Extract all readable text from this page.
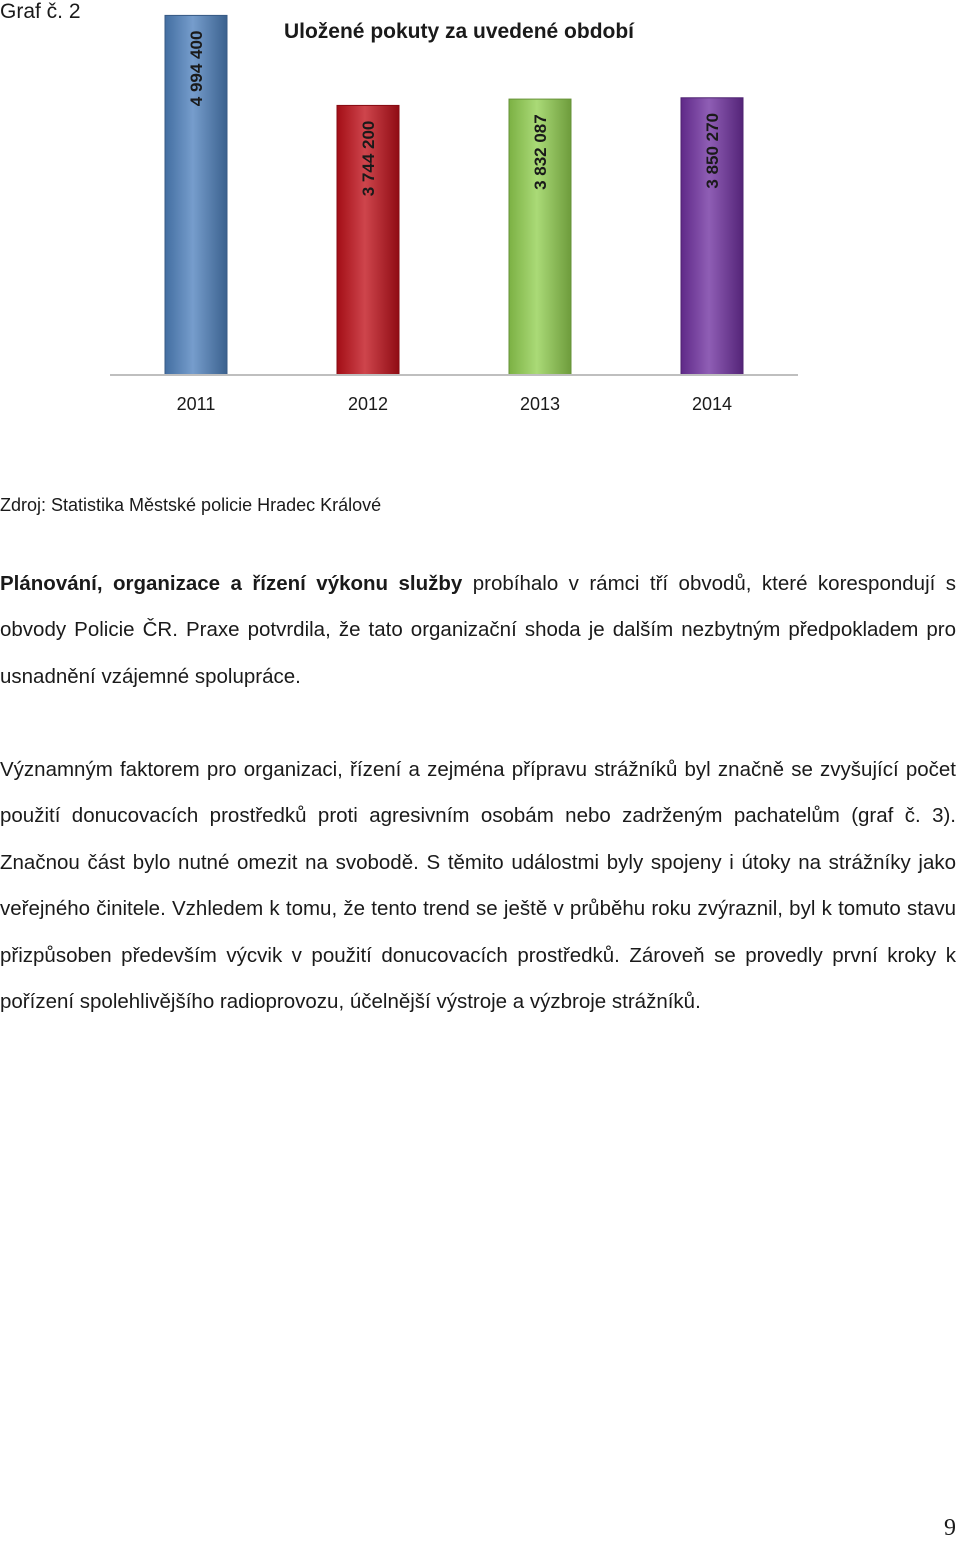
Graf č. 2
Uložené pokuty za uvedené období
4 994 400
3 744 200	3 832 087	3 850 270
2011	2012	2013	2014
Zdroj: Statistika Městské policie Hradec Králové

Plánování, organizace a řízení výkonu služby probíhalo v rámci tří obvodů, které korespondují s obvody Policie ČR. Praxe potvrdila, že tato organizační shoda je dalším nezbytným předpokladem pro usnadnění vzájemné spolupráce.

Významným faktorem pro organizaci, řízení a zejména přípravu strážníků byl značně se zvyšující počet použití donucovacích prostředků proti agresivním osobám nebo zadrženým pachatelům (graf č. 3). Značnou část bylo nutné omezit na svobodě. S těmito událostmi byly spojeny i útoky na strážníky jako veřejného činitele. Vzhledem k tomu, že tento trend se ještě v průběhu roku zvýraznil, byl k tomuto stavu přizpůsoben především výcvik v použití donucovacích prostředků. Zároveň se provedly první kroky k pořízení spolehlivějšího radioprovozu, účelnější výstroje a výzbroje strážníků.

9
